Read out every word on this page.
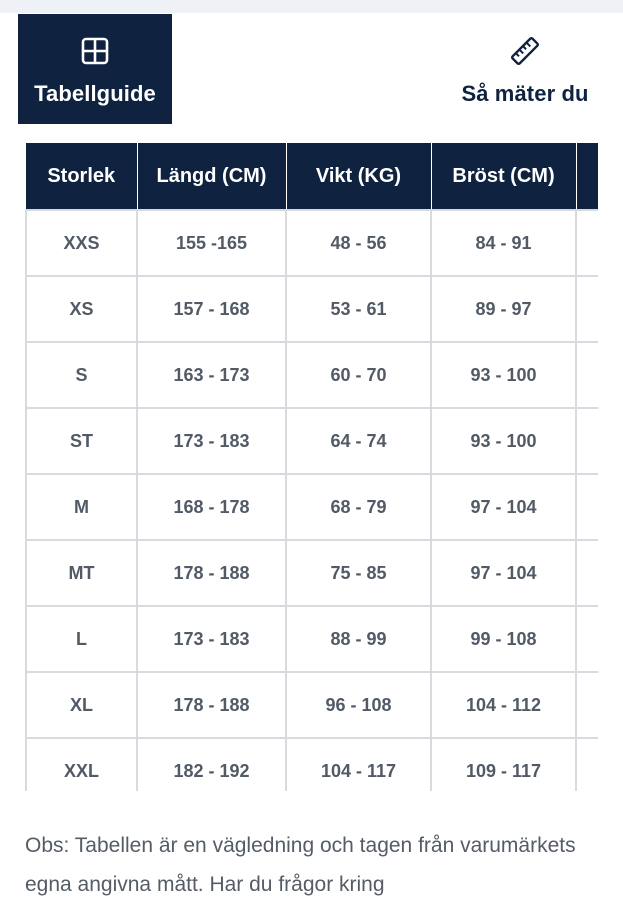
Tabellguide	Så mäter du
Storlek	Längd (CM)	Vikt (KG)	Bröst (CM)	
XXS	155 -165	48 - 56	84 - 91	
XS	157 - 168	53 - 61	89 - 97	
S	163 - 173	60 - 70	93 - 100	
ST	173 - 183	64 - 74	93 - 100	
M	168 - 178	68 - 79	97 - 104	
MT	178 - 188	75 - 85	97 - 104	
L	173 - 183	88 - 99	99 - 108	
XL	178 - 188	96 - 108	104 - 112	
XXL	182 - 192	104 - 117	109 - 117	

Obs: Tabellen är en vägledning och tagen från varumärkets egna angivna mått. Har du frågor kring
